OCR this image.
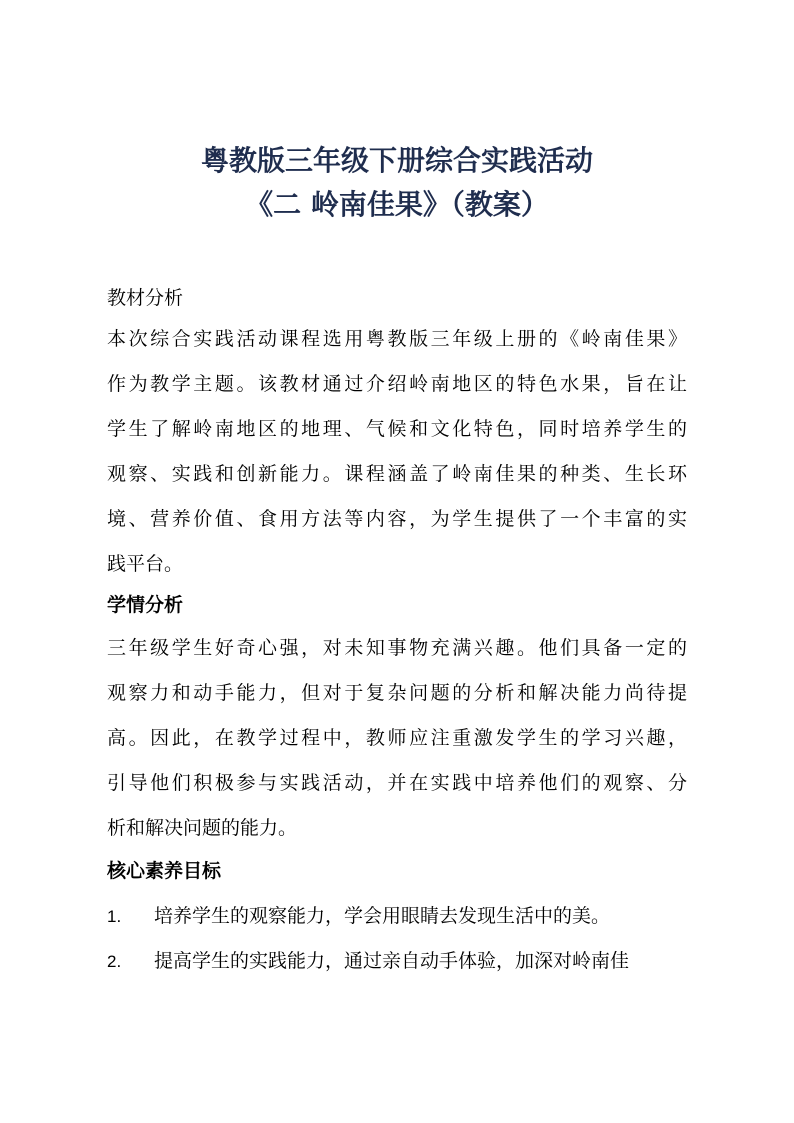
粤教版三年级下册综合实践活动
《二 岭南佳果》（教案）
教材分析
本次综合实践活动课程选用粤教版三年级上册的《岭南佳果》
作为教学主题。该教材通过介绍岭南地区的特色水果，旨在让
学生了解岭南地区的地理、气候和文化特色，同时培养学生的
观察、实践和创新能力。课程涵盖了岭南佳果的种类、生长环
境、营养价值、食用方法等内容，为学生提供了一个丰富的实
践平台。
学情分析
三年级学生好奇心强，对未知事物充满兴趣。他们具备一定的
观察力和动手能力，但对于复杂问题的分析和解决能力尚待提
高。因此，在教学过程中，教师应注重激发学生的学习兴趣，
引导他们积极参与实践活动，并在实践中培养他们的观察、分
析和解决问题的能力。
核心素养目标
1. 培养学生的观察能力，学会用眼睛去发现生活中的美。
2. 提高学生的实践能力，通过亲自动手体验，加深对岭南佳
